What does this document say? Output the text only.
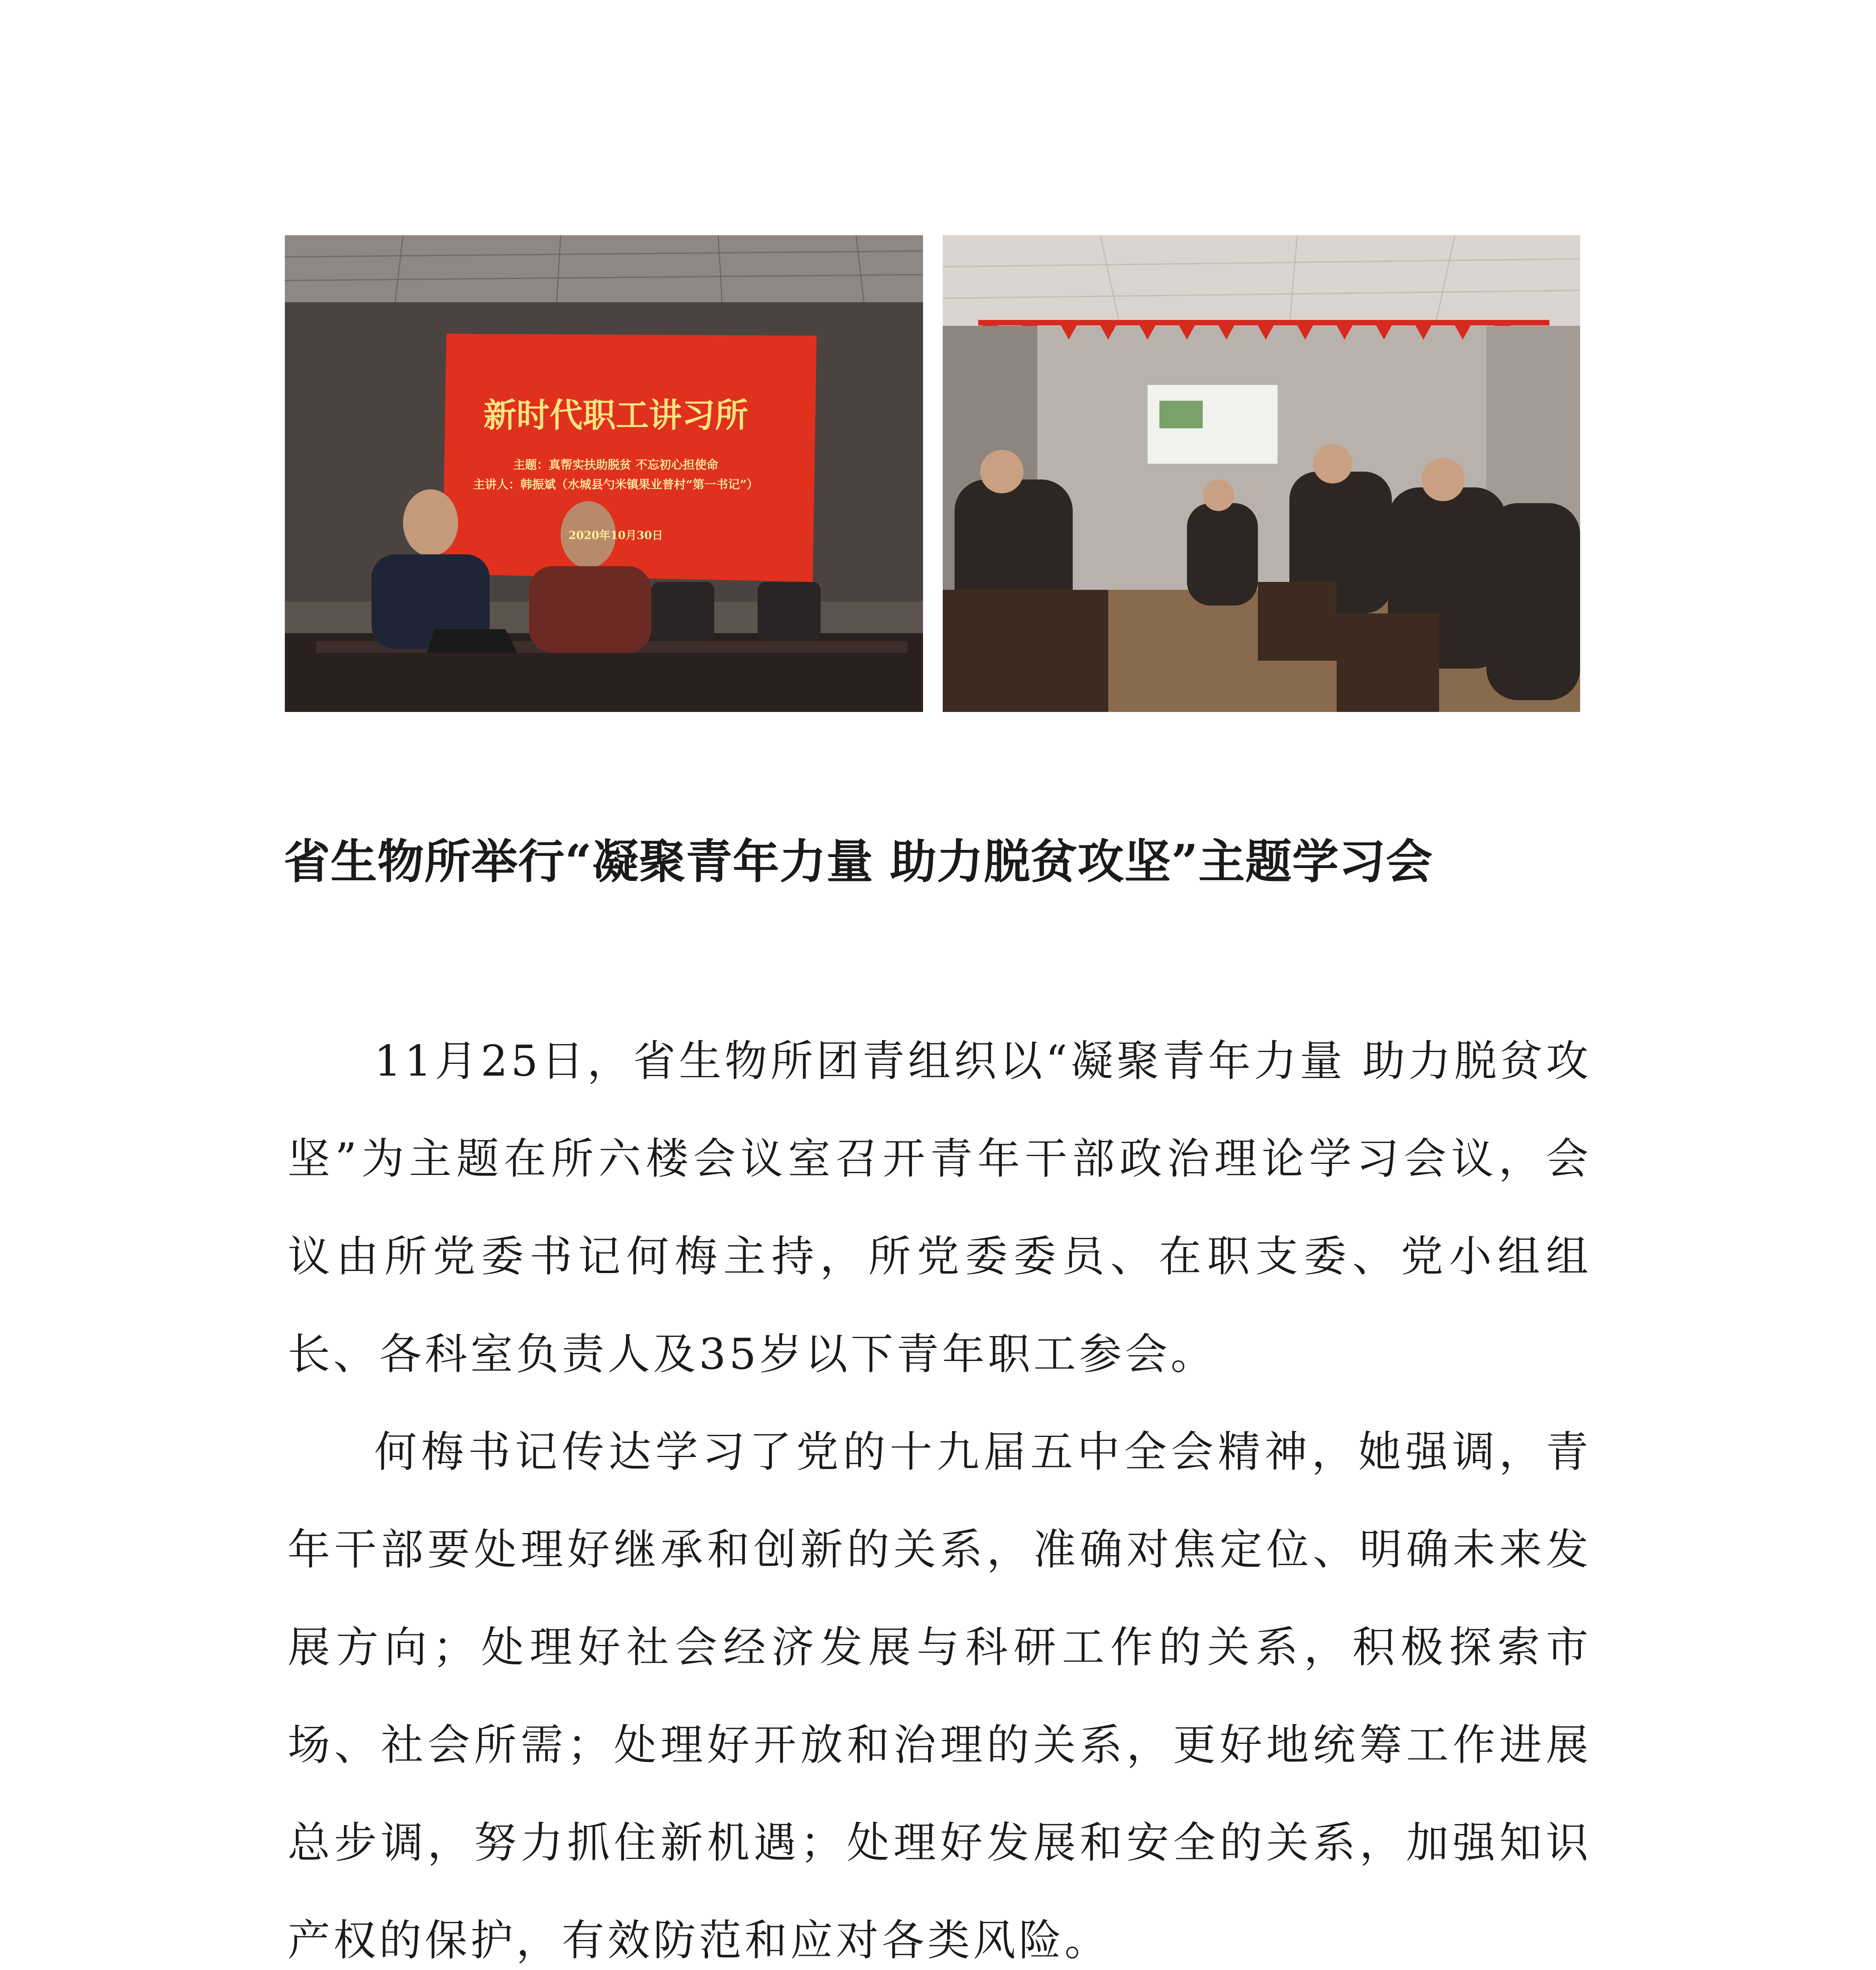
新时代职工讲习所
主题：真帮实扶助脱贫 不忘初心担使命
主讲人：韩振斌（水城县勺米镇果业普村“第一书记”）
2020年10月30日
省生物所举行“凝聚青年力量 助力脱贫攻坚”主题学习会

11月25日，省生物所团青组织以“凝聚青年力量 助力脱贫攻坚”为主题在所六楼会议室召开青年干部政治理论学习会议，会议由所党委书记何梅主持，所党委委员、在职支委、党小组组长、各科室负责人及35岁以下青年职工参会。

何梅书记传达学习了党的十九届五中全会精神，她强调，青年干部要处理好继承和创新的关系，准确对焦定位、明确未来发展方向；处理好社会经济发展与科研工作的关系，积极探索市场、社会所需；处理好开放和治理的关系，更好地统筹工作进展总步调，努力抓住新机遇；处理好发展和安全的关系，加强知识产权的保护，有效防范和应对各类风险。
